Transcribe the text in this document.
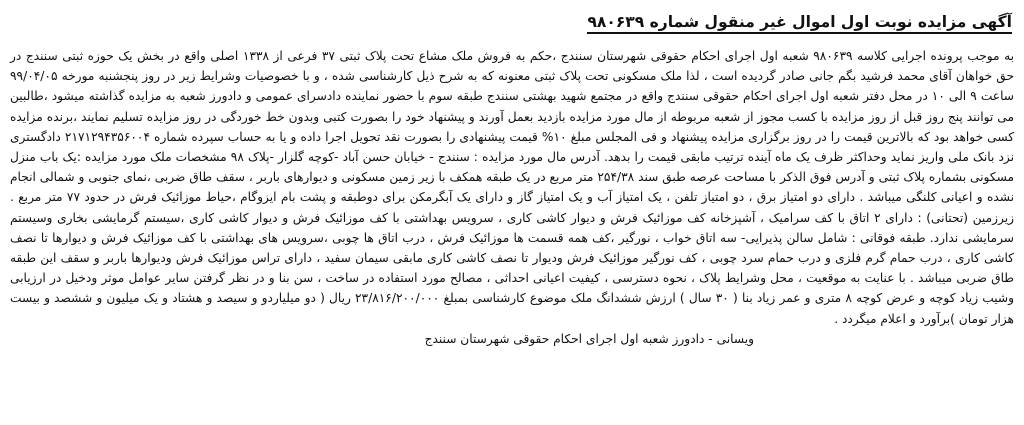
آگهی مزایده نوبت اول اموال غیر منقول شماره ۹۸۰۶۳۹
به موجب پرونده اجرایی کلاسه ۹۸۰۶۳۹ شعبه اول اجرای احکام حقوقی شهرستان سنندج ،حکم به فروش ملک مشاع تحت پلاک ثبتی ۳۷ فرعی از ۱۳۳۸ اصلی واقع در بخش یک حوزه ثبتی سنندج در حق خواهان آقای محمد فرشید بگم جانی صادر گردیده است ، لذا ملک مسکونی تحت پلاک ثبتی معنونه که به شرح ذیل کارشناسی شده ، و با خصوصیات وشرایط زیر در روز پنجشنبه مورخه ۹۹/۰۴/۰۵ ساعت ۹ الی ۱۰ در محل دفتر شعبه اول اجرای احکام حقوقی سنندج واقع در مجتمع شهید بهشتی سنندج طبقه سوم با حضور نماینده دادسرای عمومی و دادورز شعبه به مزایده گذاشته میشود ،طالبین می توانند پنج روز قبل از روز مزایده با کسب مجوز از شعبه مربوطه از مال مورد مزایده بازدید بعمل آورند و پیشنهاد خود را بصورت کتبی وبدون خط خوردگی در روز مزایده تسلیم نمایند ،برنده مزایده کسی خواهد بود که بالاترین قیمت را در روز برگزاری مزایده پیشنهاد و فی المجلس مبلغ ۱۰% قیمت پیشنهادی را بصورت نقد تحویل اجرا داده و یا به حساب سپرده شماره ۲۱۷۱۲۹۴۳۵۶۰۰۴ دادگستری نزد بانک ملی واریز نماید وحداکثر ظرف یک ماه آینده ترتیب مابقی قیمت را بدهد. آدرس مال مورد مزایده : سنندج - خیابان حسن آباد -کوچه گلزار -پلاک ۹۸ مشخصات ملک مورد مزایده :یک باب منزل مسکونی بشماره پلاک ثبتی و آدرس فوق الذکر با مساحت عرصه طبق سند ۲۵۴/۳۸ متر مربع در یک طبقه همکف با زیر زمین مسکونی و دیوارهای باربر ، سقف طاق ضربی ،نمای جنوبی و شمالی انجام نشده و اعیانی کلنگی میباشد . دارای دو امتیاز برق ، دو امتیاز تلفن ، یک امتیاز آب و یک امتیاز گاز و دارای یک آبگرمکن برای دوطبقه و پشت بام ایزوگام ،حیاط موزائیک فرش در حدود ۷۷ متر مربع . زیرزمین (تحتانی) : دارای ۲ اتاق با کف سرامیک ، آشپزخانه کف موزائیک فرش و دیوار کاشی کاری ، سرویس بهداشتی با کف موزائیک فرش و دیوار کاشی کاری ،سیستم گرمایشی بخاری وسیستم سرمایشی ندارد. طبقه فوقانی : شامل سالن پذیرایی- سه اتاق خواب ، نورگیر ،کف همه قسمت ها موزائیک فرش ، درب اتاق ها چوبی ،سرویس های بهداشتی با کف موزائیک فرش و دیوارها تا نصف کاشی کاری ، درب حمام گرم فلزی و درب حمام سرد چوبی ، کف نورگیر موزائیک فرش ودیوار تا نصف کاشی کاری مابقی سیمان سفید ، دارای تراس موزائیک فرش ودیوارها باربر و سقف این طبقه طاق ضربی میباشد . با عنایت به موقعیت ، محل وشرایط پلاک ، نحوه دسترسی ، کیفیت اعیانی احداثی ، مصالح مورد استفاده در ساخت ، سن بنا و در نظر گرفتن سایر عوامل موثر ودخیل در ارزیابی وشیب زیاد کوچه و عرض کوچه ۸ متری و عمر زیاد بنا ( ۳۰ سال ) ارزش ششدانگ ملک موضوع کارشناسی بمبلغ ۲۳/۸۱۶/۲۰۰/۰۰۰ ریال ( دو میلیاردو و سیصد و هشتاد و یک میلیون و ششصد و بیست هزار تومان )برآورد و اعلام میگردد .
ویسانی - دادورز شعبه اول اجرای احکام حقوقی شهرستان سنندج
